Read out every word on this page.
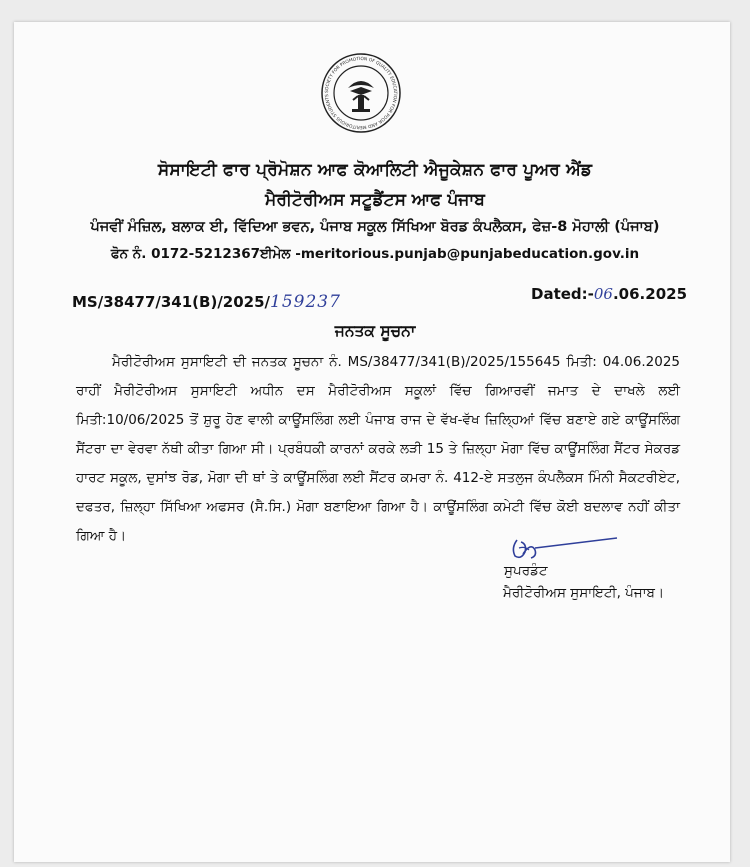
SOCIETY FOR PROMOTION OF QUALITY EDUCATION FOR POOR AND MERITORIOUS STUDENTS
ਸੋਸਾਇਟੀ ਫਾਰ ਪ੍ਰੋਮੋਸ਼ਨ ਆਫ ਕੋਆਲਿਟੀ ਐਜੂਕੇਸ਼ਨ ਫਾਰ ਪੂਅਰ ਐਂਡ
ਮੈਰੀਟੋਰੀਅਸ ਸਟੂਡੈਂਟਸ ਆਫ ਪੰਜਾਬ
ਪੰਜਵੀਂ ਮੰਜ਼ਿਲ, ਬਲਾਕ ਈ, ਵਿੱਦਿਆ ਭਵਨ, ਪੰਜਾਬ ਸਕੂਲ ਸਿੱਖਿਆ ਬੋਰਡ ਕੰਪਲੈਕਸ, ਫੇਜ਼-8 ਮੋਹਾਲੀ (ਪੰਜਾਬ)
ਫੋਨ ਨੰ. 0172-5212367ਈਮੇਲ -meritorious.punjab@punjabeducation.gov.in
MS/38477/341(B)/2025/159237	Dated:-06.06.2025
ਜਨਤਕ ਸੂਚਨਾ
ਮੈਰੀਟੋਰੀਅਸ ਸੁਸਾਇਟੀ ਦੀ ਜਨਤਕ ਸੂਚਨਾ ਨੰ. MS/38477/341(B)/2025/155645 ਮਿਤੀ: 04.06.2025 ਰਾਹੀਂ ਮੈਰੀਟੋਰੀਅਸ ਸੁਸਾਇਟੀ ਅਧੀਨ ਦਸ ਮੈਰੀਟੋਰੀਅਸ ਸਕੂਲਾਂ ਵਿੱਚ ਗਿਆਰਵੀਂ ਜਮਾਤ ਦੇ ਦਾਖਲੇ ਲਈ ਮਿਤੀ:10/06/2025 ਤੋਂ ਸ਼ੁਰੂ ਹੋਣ ਵਾਲੀ ਕਾਊਂਸਲਿੰਗ ਲਈ ਪੰਜਾਬ ਰਾਜ ਦੇ ਵੱਖ-ਵੱਖ ਜ਼ਿਲ੍ਹਿਆਂ ਵਿੱਚ ਬਣਾਏ ਗਏ ਕਾਊਂਸਲਿੰਗ ਸੈਂਟਰਾ ਦਾ ਵੇਰਵਾ ਨੱਥੀ ਕੀਤਾ ਗਿਆ ਸੀ। ਪ੍ਰਬੰਧਕੀ ਕਾਰਨਾਂ ਕਰਕੇ ਲੜੀ 15 ਤੇ ਜ਼ਿਲ੍ਹਾ ਮੋਗਾ ਵਿੱਚ ਕਾਊਂਸਲਿੰਗ ਸੈਂਟਰ ਸੇਕਰਡ ਹਾਰਟ ਸਕੂਲ, ਦੁਸਾਂਝ ਰੋਡ, ਮੋਗਾ ਦੀ ਥਾਂ ਤੇ ਕਾਊਂਸਲਿੰਗ ਲਈ ਸੈਂਟਰ ਕਮਰਾ ਨੰ. 412-ਏ ਸਤਲੁਜ ਕੰਪਲੈਕਸ ਮਿੰਨੀ ਸੈਕਟਰੀਏਟ, ਦਫਤਰ, ਜ਼ਿਲ੍ਹਾ ਸਿੱਖਿਆ ਅਫਸਰ (ਸੈ.ਸਿ.) ਮੋਗਾ ਬਣਾਇਆ ਗਿਆ ਹੈ। ਕਾਊਂਸਲਿੰਗ ਕਮੇਟੀ ਵਿੱਚ ਕੋਈ ਬਦਲਾਵ ਨਹੀਂ ਕੀਤਾ ਗਿਆ ਹੈ।
ਸੁਪਰਡੰਟ
ਮੈਰੀਟੋਰੀਅਸ ਸੁਸਾਇਟੀ, ਪੰਜਾਬ।
